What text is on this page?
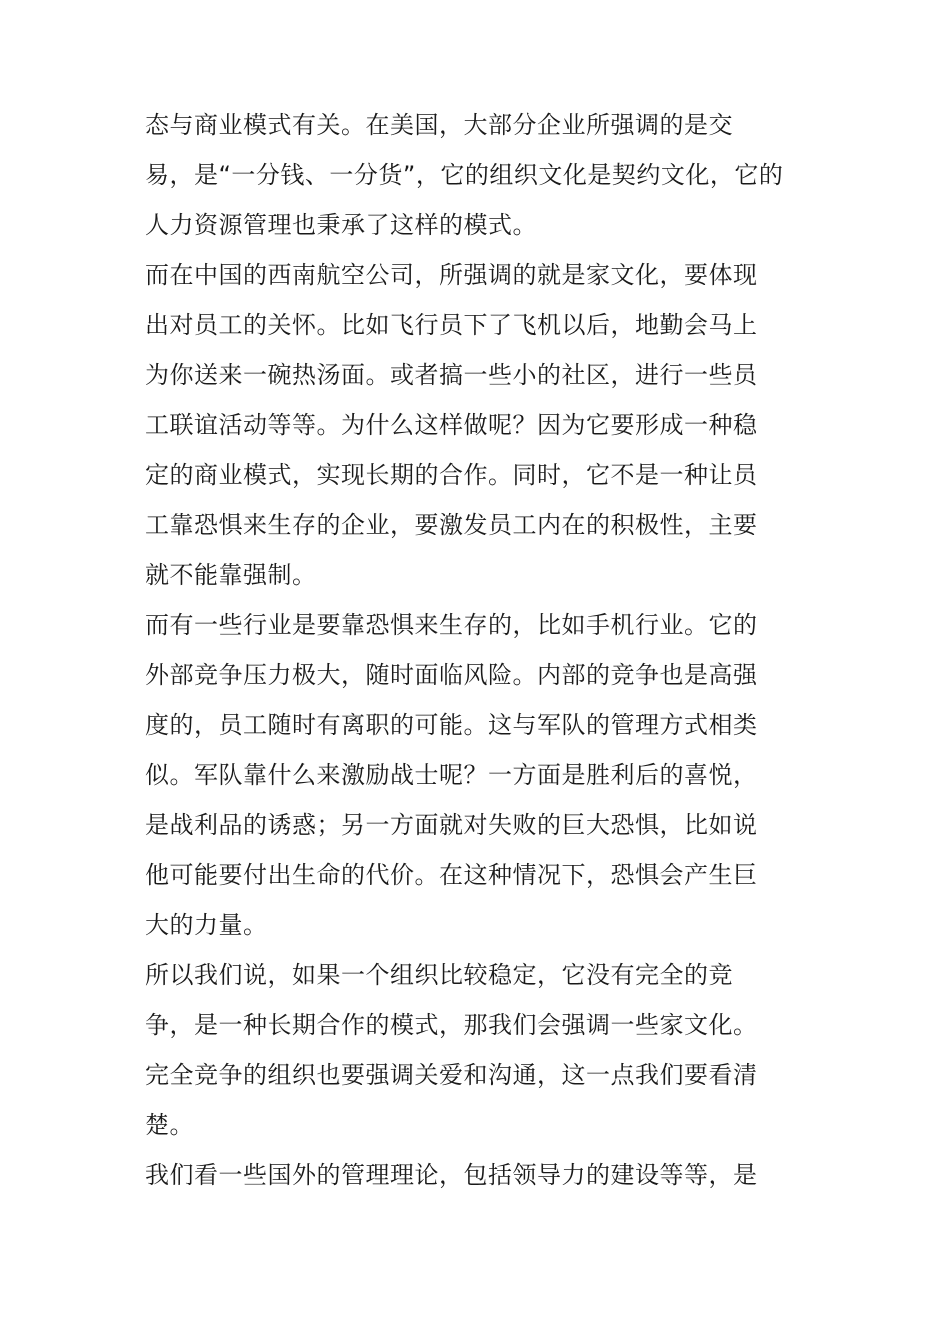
态与商业模式有关。在美国，大部分企业所强调的是交
易，是“一分钱、一分货”，它的组织文化是契约文化，它的
人力资源管理也秉承了这样的模式。
而在中国的西南航空公司，所强调的就是家文化，要体现
出对员工的关怀。比如飞行员下了飞机以后，地勤会马上
为你送来一碗热汤面。或者搞一些小的社区，进行一些员
工联谊活动等等。为什么这样做呢？因为它要形成一种稳
定的商业模式，实现长期的合作。同时，它不是一种让员
工靠恐惧来生存的企业，要激发员工内在的积极性，主要
就不能靠强制。
而有一些行业是要靠恐惧来生存的，比如手机行业。它的
外部竞争压力极大，随时面临风险。内部的竞争也是高强
度的，员工随时有离职的可能。这与军队的管理方式相类
似。军队靠什么来激励战士呢？一方面是胜利后的喜悦，
是战利品的诱惑；另一方面就对失败的巨大恐惧，比如说
他可能要付出生命的代价。在这种情况下，恐惧会产生巨
大的力量。
所以我们说，如果一个组织比较稳定，它没有完全的竞
争，是一种长期合作的模式，那我们会强调一些家文化。
完全竞争的组织也要强调关爱和沟通，这一点我们要看清
楚。
我们看一些国外的管理理论，包括领导力的建设等等，是
